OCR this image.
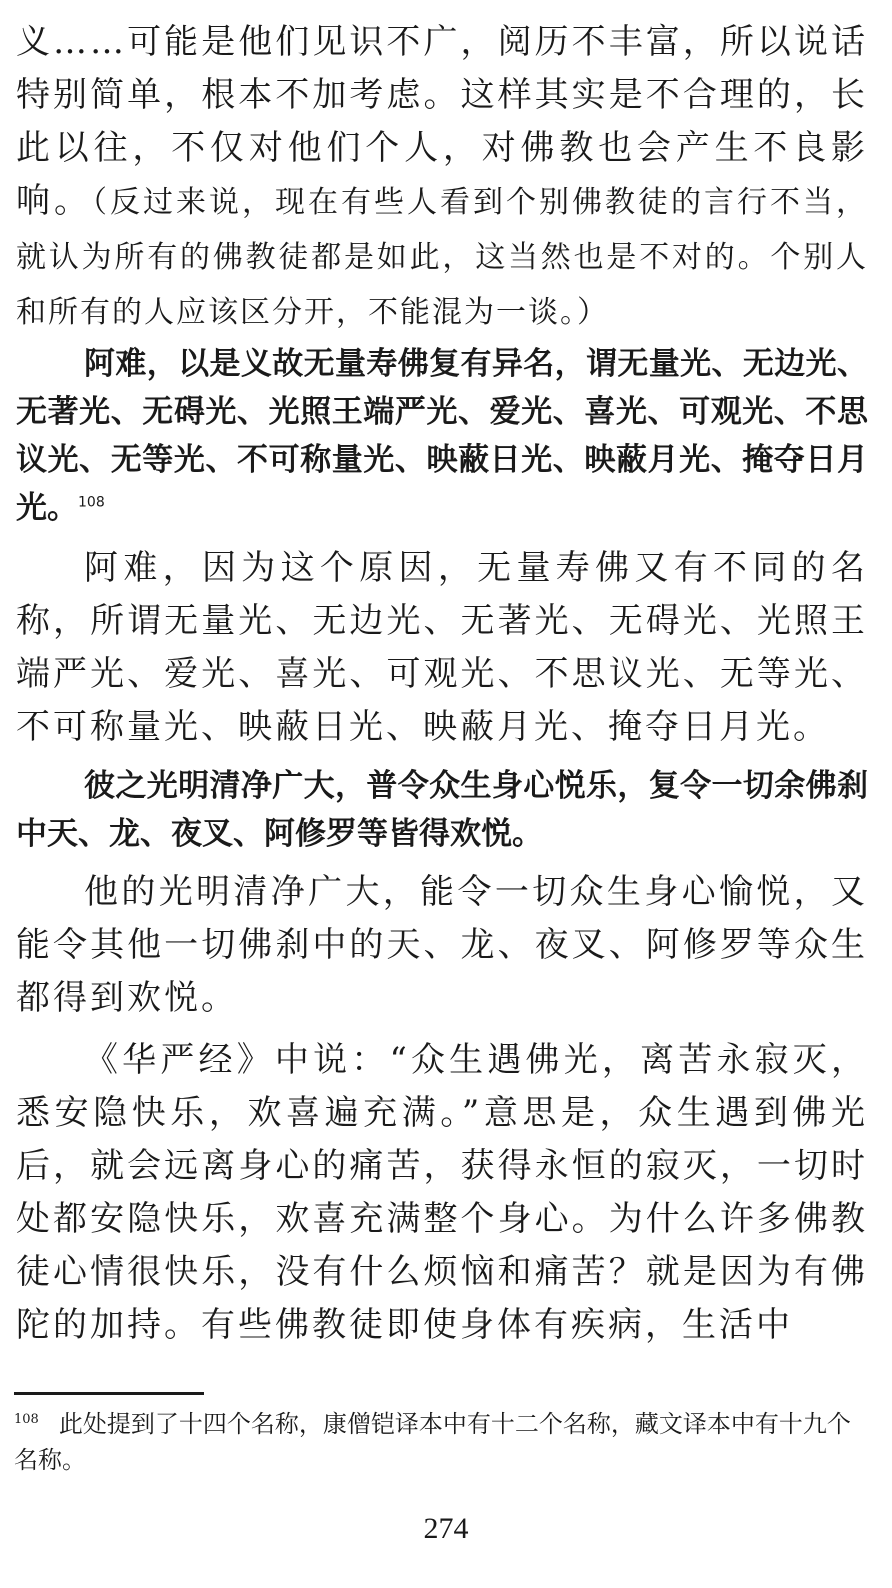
义……可能是他们见识不广，阅历不丰富，所以说话特别简单，根本不加考虑。这样其实是不合理的，长此以往，不仅对他们个人，对佛教也会产生不良影响。（反过来说，现在有些人看到个别佛教徒的言行不当，就认为所有的佛教徒都是如此，这当然也是不对的。个别人和所有的人应该区分开，不能混为一谈。）

阿难，以是义故无量寿佛复有异名，谓无量光、无边光、无著光、无碍光、光照王端严光、爱光、喜光、可观光、不思议光、无等光、不可称量光、映蔽日光、映蔽月光、掩夺日月光。$^{108}$

阿难，因为这个原因，无量寿佛又有不同的名称，所谓无量光、无边光、无著光、无碍光、光照王端严光、爱光、喜光、可观光、不思议光、无等光、不可称量光、映蔽日光、映蔽月光、掩夺日月光。

彼之光明清净广大，普令众生身心悦乐，复令一切余佛刹中天、龙、夜叉、阿修罗等皆得欢悦。

他的光明清净广大，能令一切众生身心愉悦，又能令其他一切佛刹中的天、龙、夜叉、阿修罗等众生都得到欢悦。

《华严经》中说：“众生遇佛光，离苦永寂灭，悉安隐快乐，欢喜遍充满。”意思是，众生遇到佛光后，就会远离身心的痛苦，获得永恒的寂灭，一切时处都安隐快乐，欢喜充满整个身心。为什么许多佛教徒心情很快乐，没有什么烦恼和痛苦？就是因为有佛陀的加持。有些佛教徒即使身体有疾病，生活中

$^{108}$ 此处提到了十四个名称，康僧铠译本中有十二个名称，藏文译本中有十九个名称。

274
